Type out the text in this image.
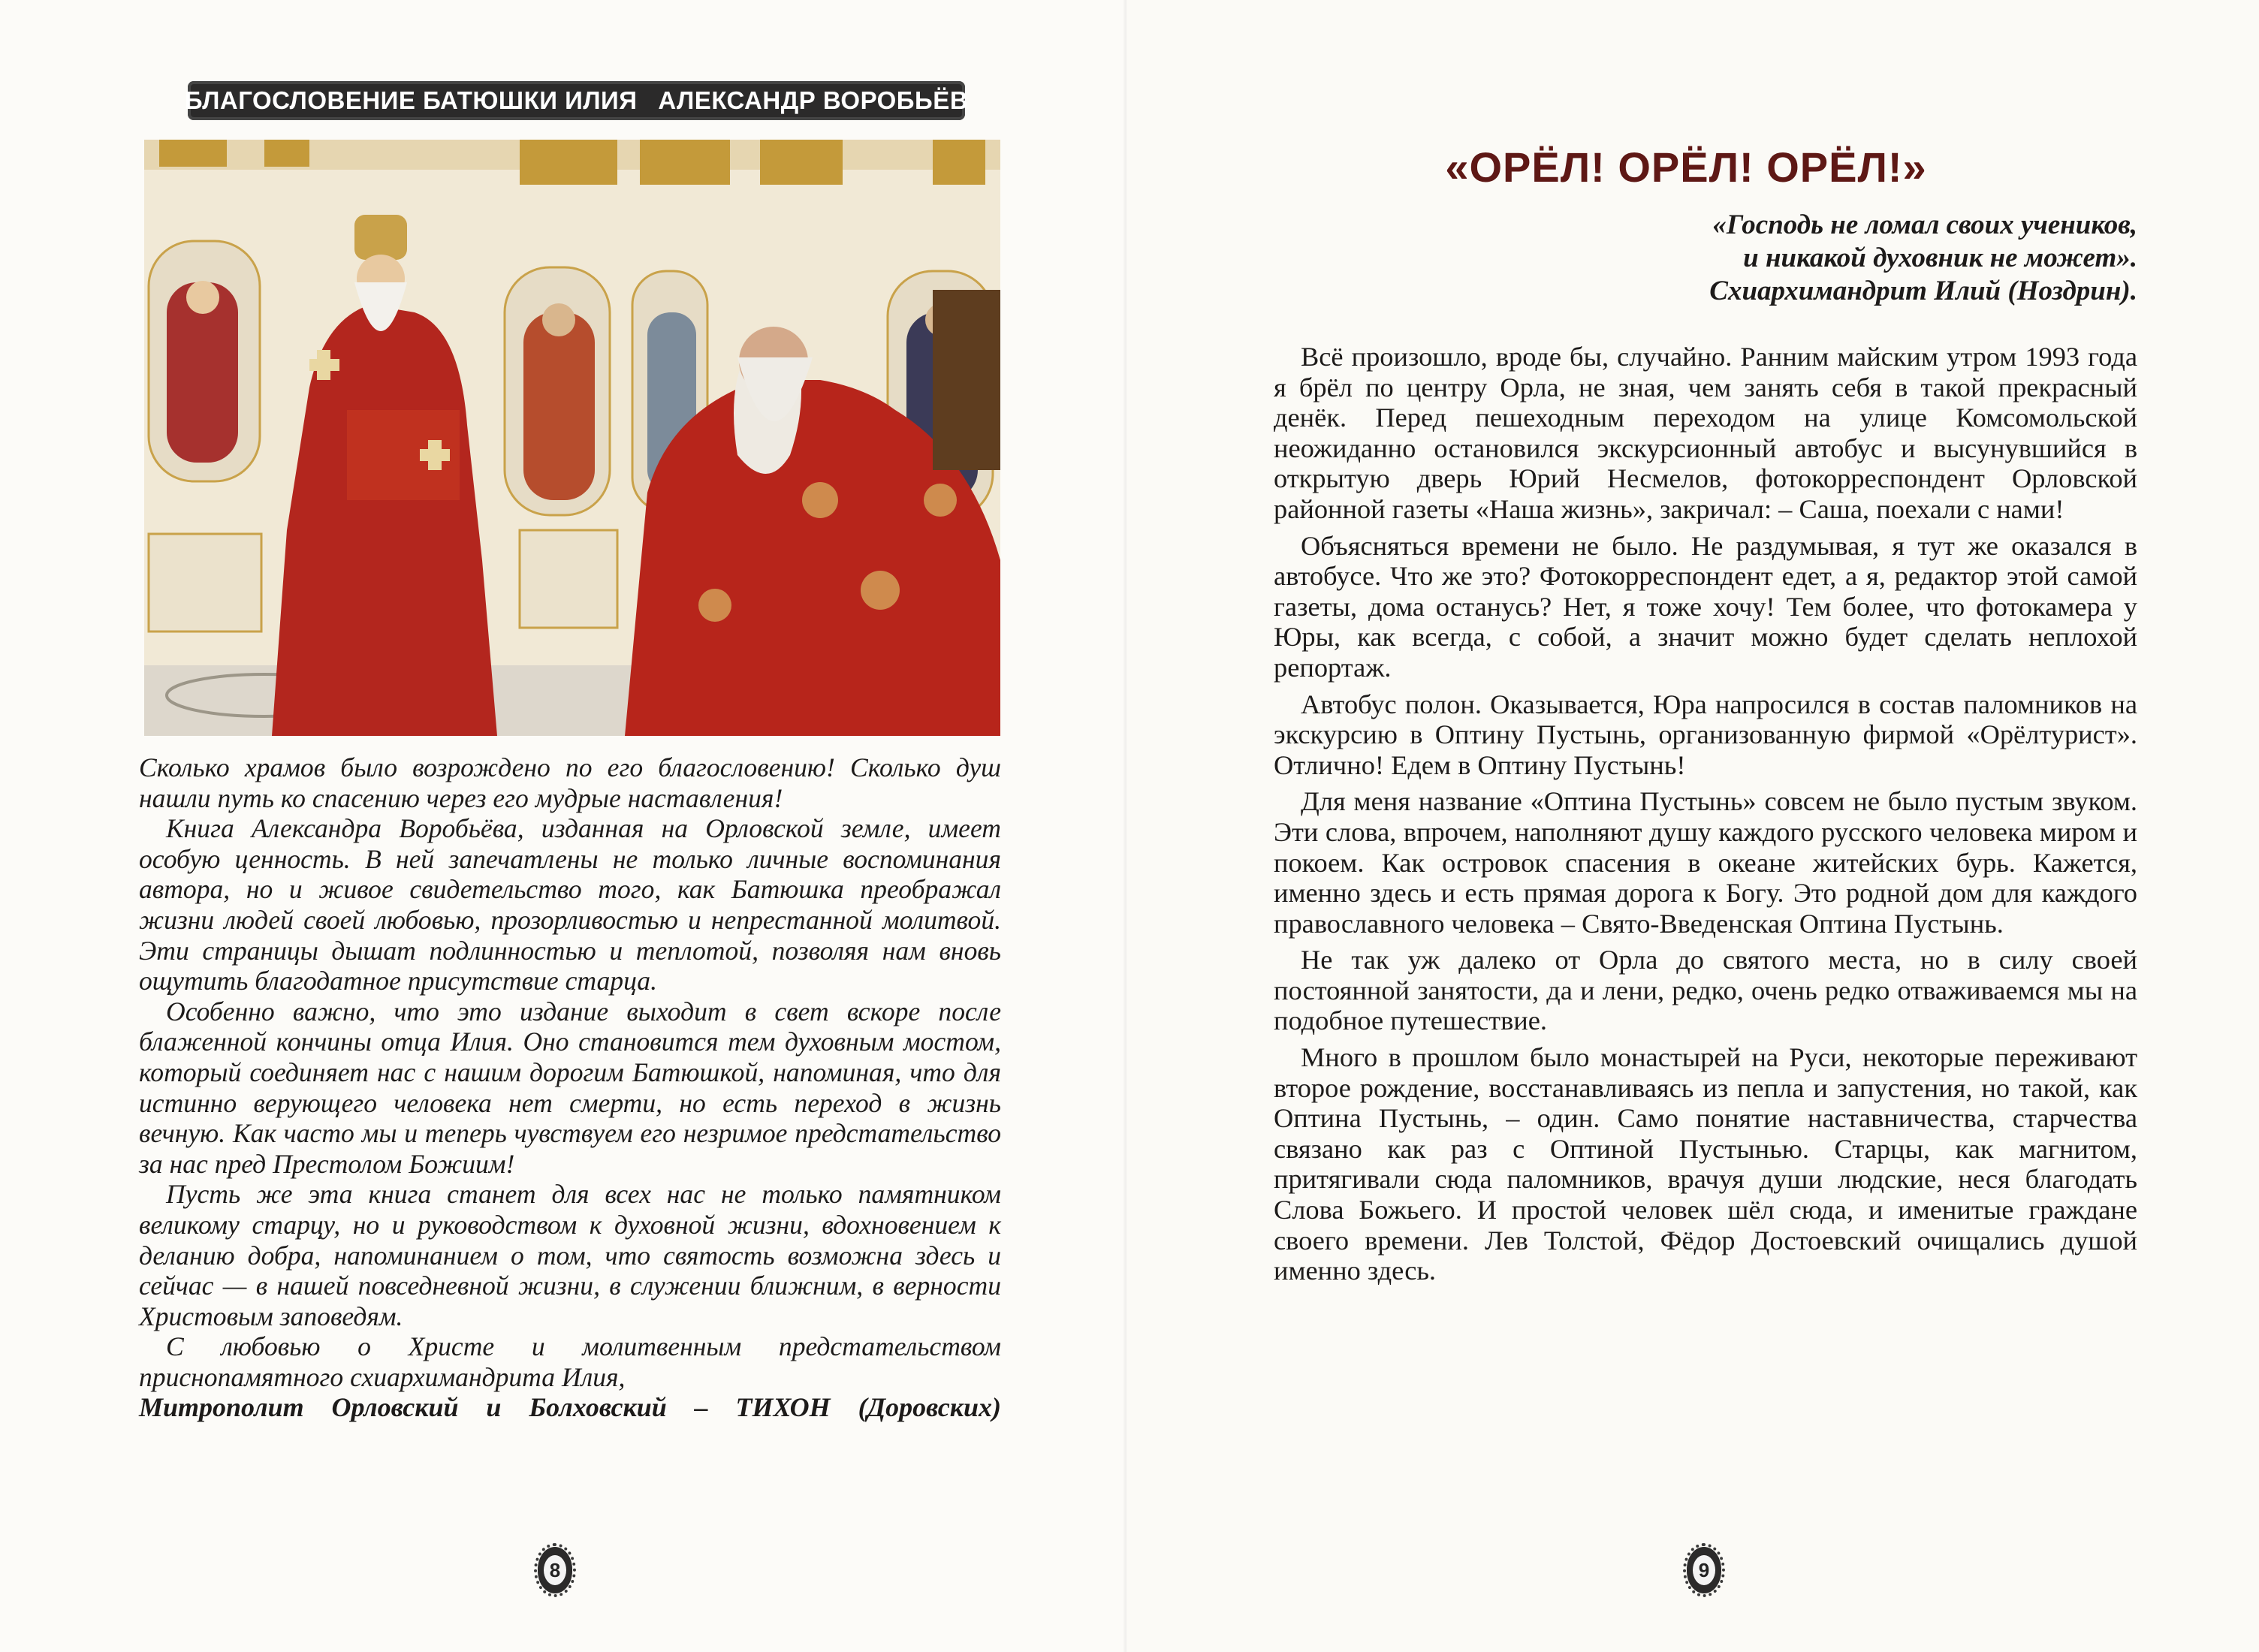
БЛАГОСЛОВЕНИЕ БАТЮШКИ ИЛИЯ АЛЕКСАНДР ВОРОБЬЁВ

Сколько храмов было возрождено по его благословению! Сколько душ нашли путь ко спасению через его мудрые наставления!

Книга Александра Воробьёва, изданная на Орловской земле, имеет особую ценность. В ней запечатлены не только личные воспоминания автора, но и живое свидетельство того, как Батюшка преображал жизни людей своей любовью, прозорливостью и непрестанной молитвой. Эти страницы дышат подлинностью и теплотой, позволяя нам вновь ощутить благодатное присутствие старца.

Особенно важно, что это издание выходит в свет вскоре после блаженной кончины отца Илия. Оно становится тем духовным мостом, который соединяет нас с нашим дорогим Батюшкой, напоминая, что для истинно верующего человека нет смерти, но есть переход в жизнь вечную. Как часто мы и теперь чувствуем его незримое предстательство за нас пред Престолом Божиим!

Пусть же эта книга станет для всех нас не только памятником великому старцу, но и руководством к духовной жизни, вдохновением к деланию добра, напоминанием о том, что святость возможна здесь и сейчас — в нашей повседневной жизни, в служении ближним, в верности Христовым заповедям.

С любовью о Христе и молитвенным предстательством приснопамятного схиархимандрита Илия,

Митрополит Орловский и Болховский – ТИХОН (Доровских)

8
«ОРЁЛ! ОРЁЛ! ОРЁЛ!»
«Господь не ломал своих учеников,
и никакой духовник не может».
Схиархимандрит Илий (Ноздрин).

Всё произошло, вроде бы, случайно. Ранним майским утром 1993 года я брёл по центру Орла, не зная, чем занять себя в такой прекрасный денёк. Перед пешеходным переходом на улице Комсомольской неожиданно остановился экскурсионный автобус и высунувшийся в открытую дверь Юрий Несмелов, фотокорреспондент Орловской районной газеты «Наша жизнь», закричал: – Саша, поехали с нами!

Объясняться времени не было. Не раздумывая, я тут же оказался в автобусе. Что же это? Фотокорреспондент едет, а я, редактор этой самой газеты, дома останусь? Нет, я тоже хочу! Тем более, что фотокамера у Юры, как всегда, с собой, а значит можно будет сделать неплохой репортаж.

Автобус полон. Оказывается, Юра напросился в состав паломников на экскурсию в Оптину Пустынь, организованную фирмой «Орёлтурист». Отлично! Едем в Оптину Пустынь!

Для меня название «Оптина Пустынь» совсем не было пустым звуком. Эти слова, впрочем, наполняют душу каждого русского человека миром и покоем. Как островок спасения в океане житейских бурь. Кажется, именно здесь и есть прямая дорога к Богу. Это родной дом для каждого православного человека – Свято-Введенская Оптина Пустынь.

Не так уж далеко от Орла до святого места, но в силу своей постоянной занятости, да и лени, редко, очень редко отваживаемся мы на подобное путешествие.

Много в прошлом было монастырей на Руси, некоторые переживают второе рождение, восстанавливаясь из пепла и запустения, но такой, как Оптина Пустынь, – один. Само понятие наставничества, старчества связано как раз с Оптиной Пустынью. Старцы, как магнитом, притягивали сюда паломников, врачуя души людские, неся благодать Слова Божьего. И простой человек шёл сюда, и именитые граждане своего времени. Лев Толстой, Фёдор Достоевский очищались душой именно здесь.

9
